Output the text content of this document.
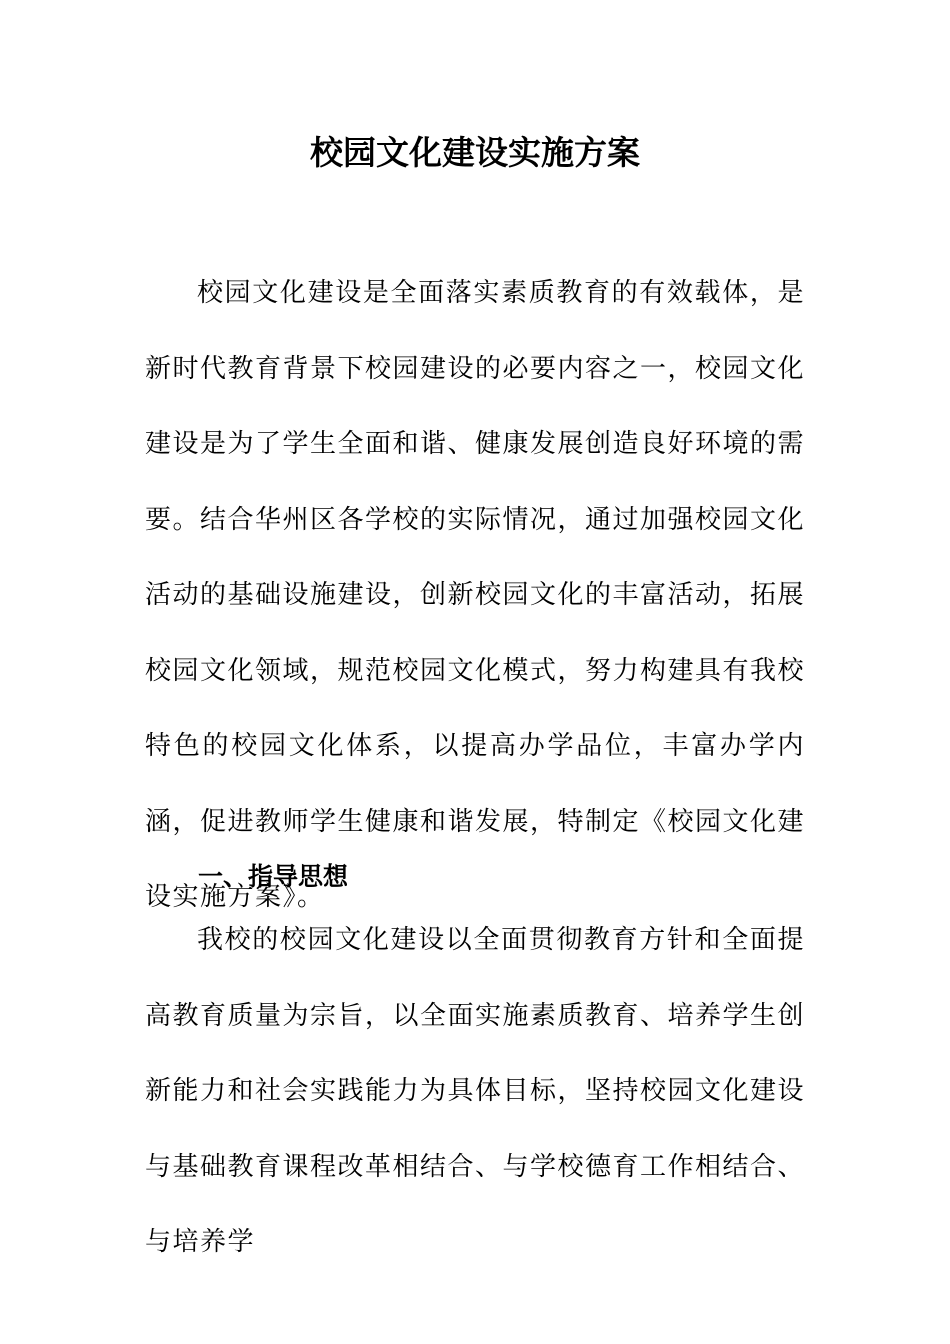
校园文化建设实施方案

校园文化建设是全面落实素质教育的有效载体，是新时代教育背景下校园建设的必要内容之一，校园文化建设是为了学生全面和谐、健康发展创造良好环境的需要。结合华州区各学校的实际情况，通过加强校园文化活动的基础设施建设，创新校园文化的丰富活动，拓展校园文化领域，规范校园文化模式，努力构建具有我校特色的校园文化体系，以提高办学品位，丰富办学内涵，促进教师学生健康和谐发展，特制定《校园文化建设实施方案》。

一、指导思想

我校的校园文化建设以全面贯彻教育方针和全面提高教育质量为宗旨，以全面实施素质教育、培养学生创新能力和社会实践能力为具体目标，坚持校园文化建设与基础教育课程改革相结合、与学校德育工作相结合、与培养学
